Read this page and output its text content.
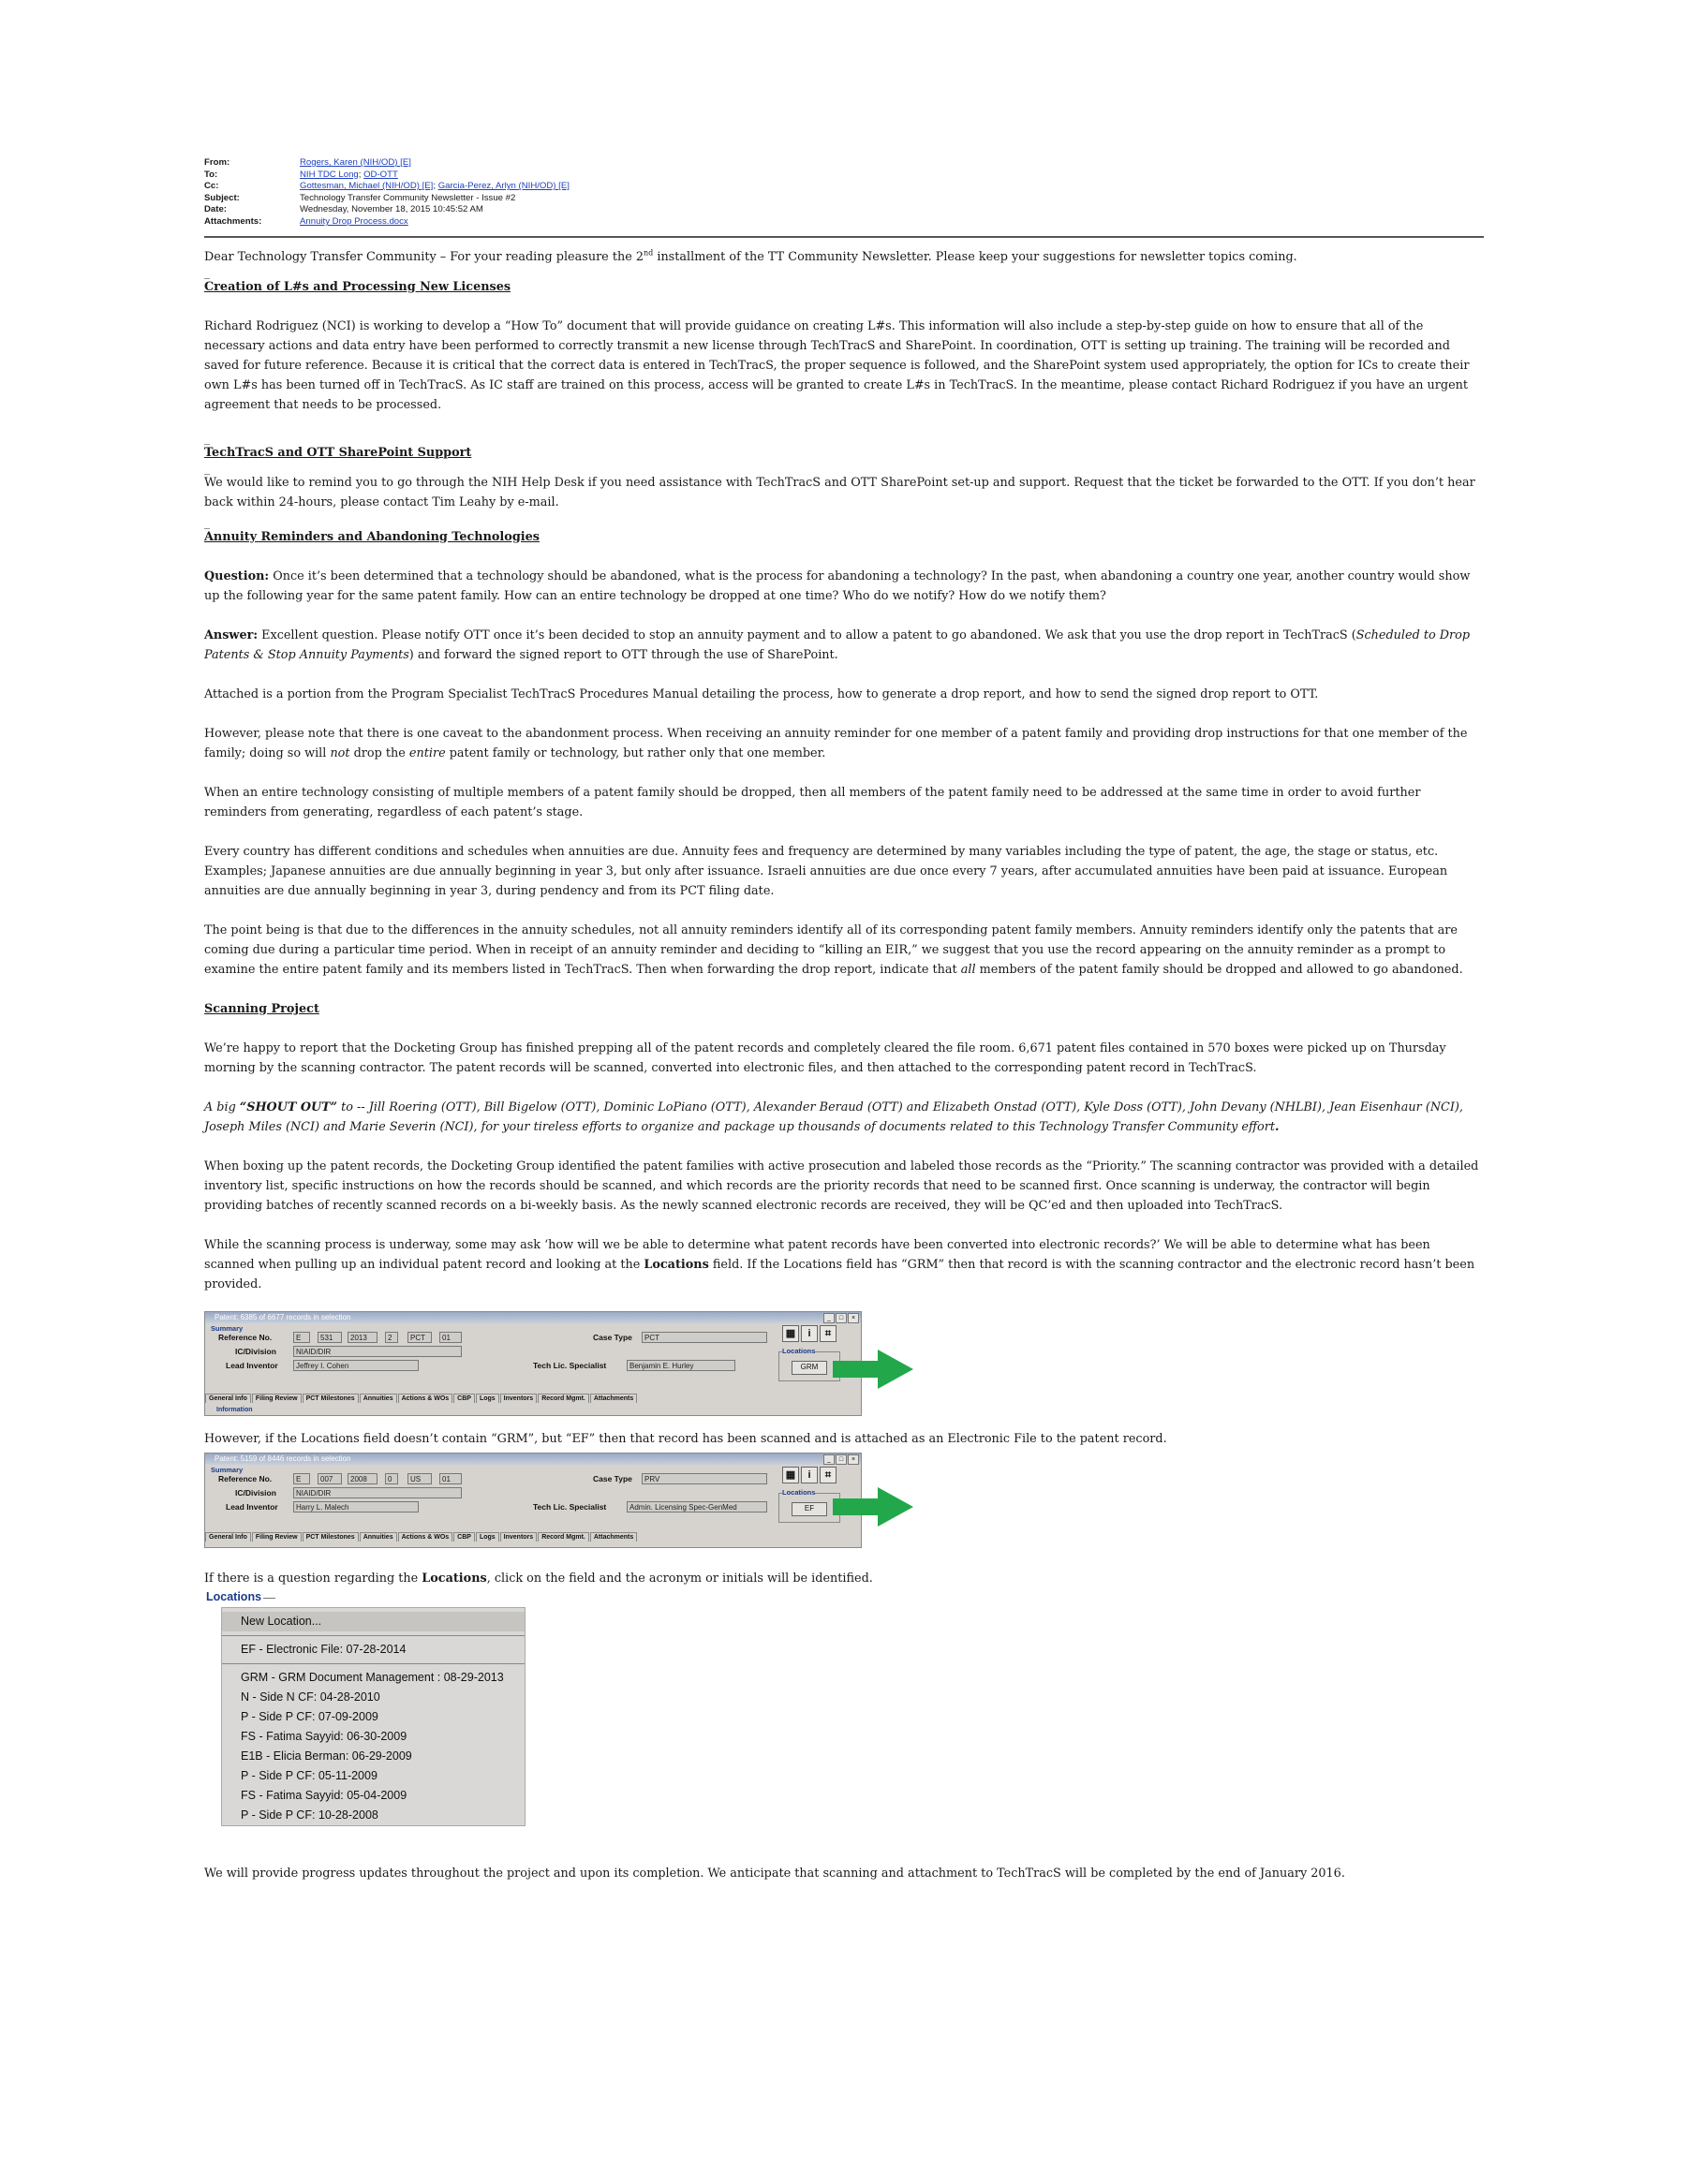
From:	Rogers, Karen (NIH/OD) [E]
To:	NIH TDC Long; OD-OTT
Cc:	Gottesman, Michael (NIH/OD) [E]; Garcia-Perez, Arlyn (NIH/OD) [E]
Subject:	Technology Transfer Community Newsletter - Issue #2
Date:	Wednesday, November 18, 2015 10:45:52 AM
Attachments:	Annuity Drop Process.docx

Dear Technology Transfer Community – For your reading pleasure the 2nd installment of the TT Community Newsletter. Please keep your suggestions for newsletter topics coming.

_

Creation of L#s and Processing New Licenses

Richard Rodriguez (NCI) is working to develop a “How To” document that will provide guidance on creating L#s. This information will also include a step-by-step guide on how to ensure that all of the necessary actions and data entry have been performed to correctly transmit a new license through TechTracS and SharePoint. In coordination, OTT is setting up training. The training will be recorded and saved for future reference. Because it is critical that the correct data is entered in TechTracS, the proper sequence is followed, and the SharePoint system used appropriately, the option for ICs to create their own L#s has been turned off in TechTracS. As IC staff are trained on this process, access will be granted to create L#s in TechTracS. In the meantime, please contact Richard Rodriguez if you have an urgent agreement that needs to be processed.

_

TechTracS and OTT SharePoint Support

_

We would like to remind you to go through the NIH Help Desk if you need assistance with TechTracS and OTT SharePoint set-up and support. Request that the ticket be forwarded to the OTT. If you don’t hear back within 24-hours, please contact Tim Leahy by e-mail.

_

Annuity Reminders and Abandoning Technologies

Question: Once it’s been determined that a technology should be abandoned, what is the process for abandoning a technology? In the past, when abandoning a country one year, another country would show up the following year for the same patent family. How can an entire technology be dropped at one time? Who do we notify? How do we notify them?

Answer: Excellent question. Please notify OTT once it’s been decided to stop an annuity payment and to allow a patent to go abandoned. We ask that you use the drop report in TechTracS (Scheduled to Drop Patents & Stop Annuity Payments) and forward the signed report to OTT through the use of SharePoint.

Attached is a portion from the Program Specialist TechTracS Procedures Manual detailing the process, how to generate a drop report, and how to send the signed drop report to OTT.

However, please note that there is one caveat to the abandonment process. When receiving an annuity reminder for one member of a patent family and providing drop instructions for that one member of the family; doing so will not drop the entire patent family or technology, but rather only that one member.

When an entire technology consisting of multiple members of a patent family should be dropped, then all members of the patent family need to be addressed at the same time in order to avoid further reminders from generating, regardless of each patent’s stage.

Every country has different conditions and schedules when annuities are due. Annuity fees and frequency are determined by many variables including the type of patent, the age, the stage or status, etc. Examples; Japanese annuities are due annually beginning in year 3, but only after issuance. Israeli annuities are due once every 7 years, after accumulated annuities have been paid at issuance. European annuities are due annually beginning in year 3, during pendency and from its PCT filing date.

The point being is that due to the differences in the annuity schedules, not all annuity reminders identify all of its corresponding patent family members. Annuity reminders identify only the patents that are coming due during a particular time period. When in receipt of an annuity reminder and deciding to “killing an EIR,” we suggest that you use the record appearing on the annuity reminder as a prompt to examine the entire patent family and its members listed in TechTracS. Then when forwarding the drop report, indicate that all members of the patent family should be dropped and allowed to go abandoned.

Scanning Project

We’re happy to report that the Docketing Group has finished prepping all of the patent records and completely cleared the file room. 6,671 patent files contained in 570 boxes were picked up on Thursday morning by the scanning contractor. The patent records will be scanned, converted into electronic files, and then attached to the corresponding patent record in TechTracS.

A big “SHOUT OUT” to -- Jill Roering (OTT), Bill Bigelow (OTT), Dominic LoPiano (OTT), Alexander Beraud (OTT) and Elizabeth Onstad (OTT), Kyle Doss (OTT), John Devany (NHLBI), Jean Eisenhaur (NCI), Joseph Miles (NCI) and Marie Severin (NCI), for your tireless efforts to organize and package up thousands of documents related to this Technology Transfer Community effort.

When boxing up the patent records, the Docketing Group identified the patent families with active prosecution and labeled those records as the “Priority.” The scanning contractor was provided with a detailed inventory list, specific instructions on how the records should be scanned, and which records are the priority records that need to be scanned first. Once scanning is underway, the contractor will begin providing batches of recently scanned records on a bi-weekly basis. As the newly scanned electronic records are received, they will be QC’ed and then uploaded into TechTracS.

While the scanning process is underway, some may ask ‘how will we be able to determine what patent records have been converted into electronic records?’ We will be able to determine what has been scanned when pulling up an individual patent record and looking at the Locations field. If the Locations field has “GRM” then that record is with the scanning contractor and the electronic record hasn’t been provided.

Patent: 6385 of 6677 records in selection	_	□	×
Summary
Reference No.	E	531	2013	2	PCT	01	Case Type	PCT
IC/Division	NIAID/DIR
Lead Inventor	Jeffrey I. Cohen	Tech Lic. Specialist	Benjamin E. Hurley
▦	i	⌗
Locations
GRM
General Info	Filing Review	PCT Milestones	Annuities	Actions & WOs	CBP	Logs	Inventors	Record Mgmt.	Attachments
Information

However, if the Locations field doesn’t contain “GRM”, but “EF” then that record has been scanned and is attached as an Electronic File to the patent record.

Patent: 5159 of 8446 records in selection	_	□	×
Summary
Reference No.	E	007	2008	0	US	01	Case Type	PRV
IC/Division	NIAID/DIR
Lead Inventor	Harry L. Malech	Tech Lic. Specialist	Admin. Licensing Spec-GenMed
▦	i	⌗
Locations
EF
General Info	Filing Review	PCT Milestones	Annuities	Actions & WOs	CBP	Logs	Inventors	Record Mgmt.	Attachments

If there is a question regarding the Locations, click on the field and the acronym or initials will be identified.

Locations
New Location...
EF - Electronic File: 07-28-2014
GRM - GRM Document Management : 08-29-2013
N - Side N CF: 04-28-2010
P - Side P CF: 07-09-2009
FS - Fatima Sayyid: 06-30-2009
E1B - Elicia Berman: 06-29-2009
P - Side P CF: 05-11-2009
FS - Fatima Sayyid: 05-04-2009
P - Side P CF: 10-28-2008

We will provide progress updates throughout the project and upon its completion. We anticipate that scanning and attachment to TechTracS will be completed by the end of January 2016.
